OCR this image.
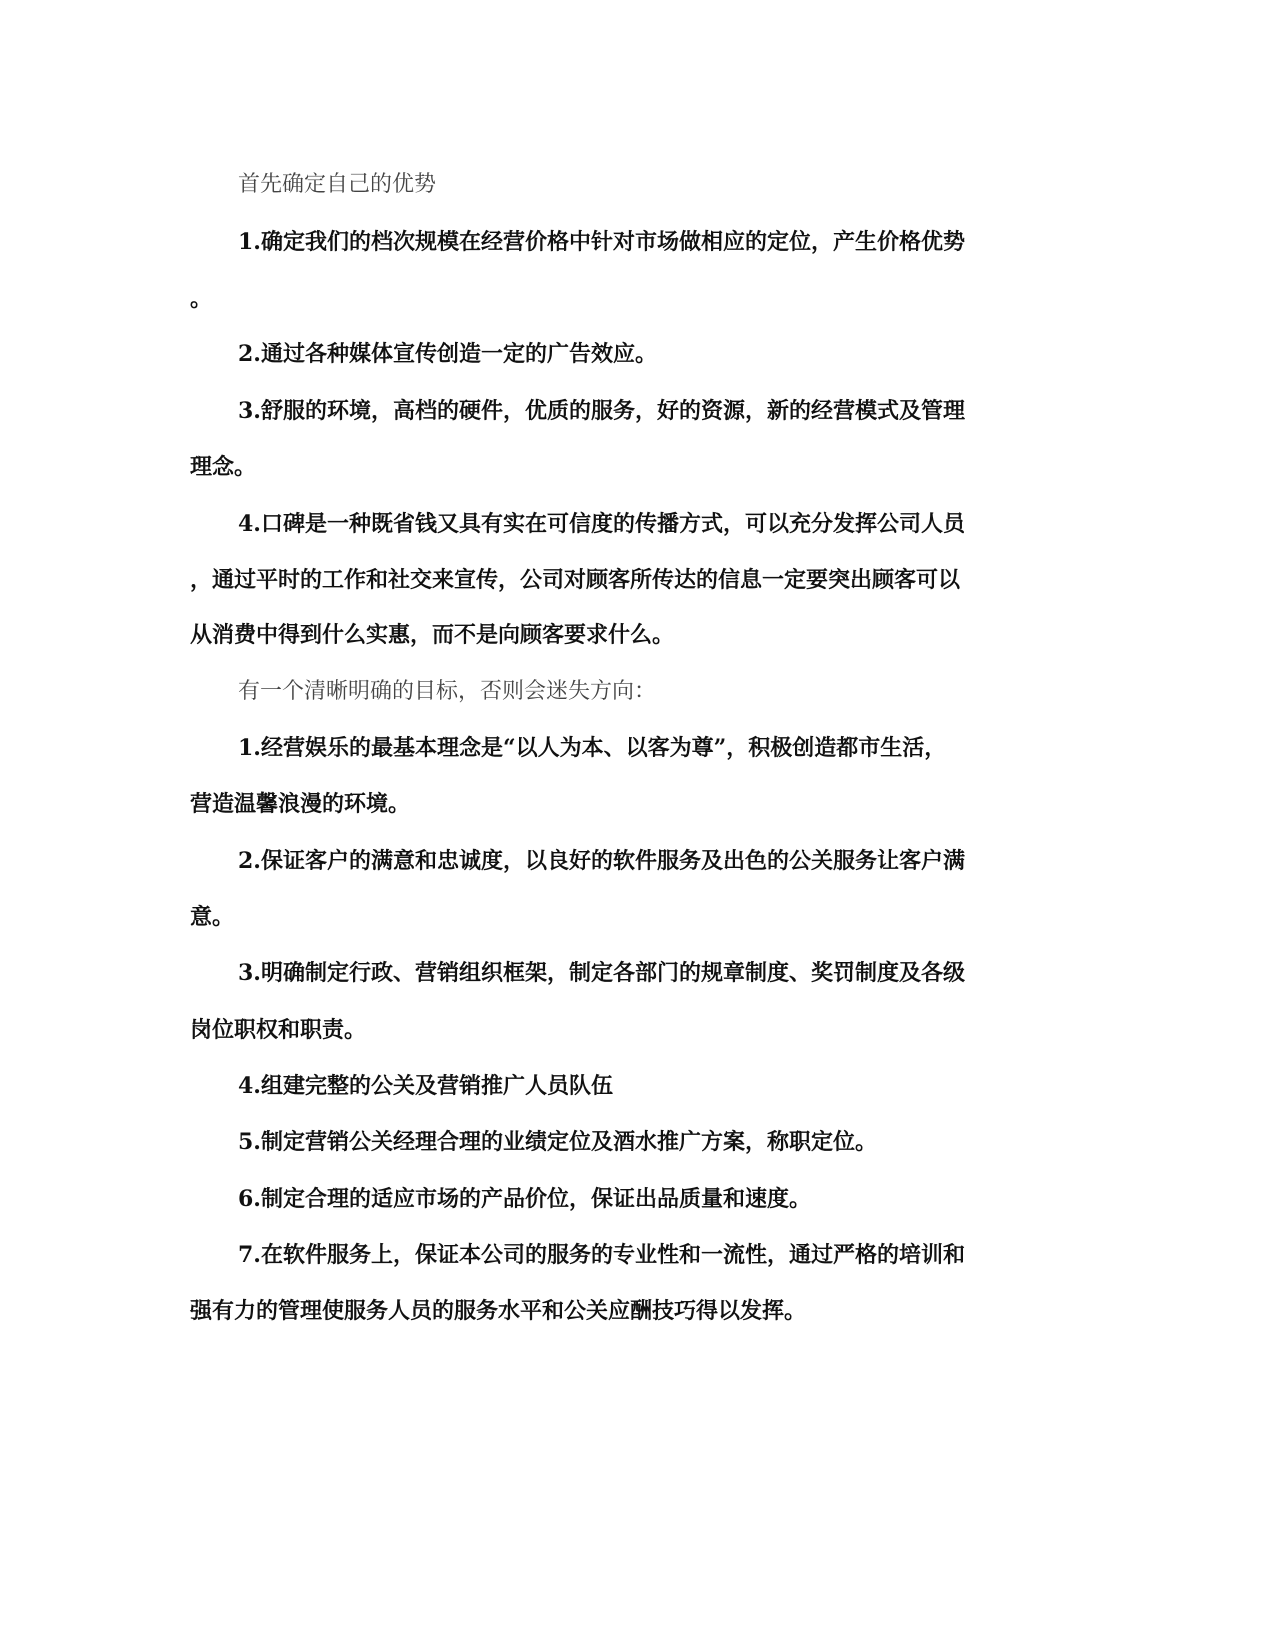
首先确定自己的优势
1.确定我们的档次规模在经营价格中针对市场做相应的定位，产生价格优势
。
2.通过各种媒体宣传创造一定的广告效应。
3.舒服的环境，高档的硬件，优质的服务，好的资源，新的经营模式及管理
理念。
4.口碑是一种既省钱又具有实在可信度的传播方式，可以充分发挥公司人员
，通过平时的工作和社交来宣传，公司对顾客所传达的信息一定要突出顾客可以
从消费中得到什么实惠，而不是向顾客要求什么。
有一个清晰明确的目标，否则会迷失方向：
1.经营娱乐的最基本理念是“以人为本、以客为尊”，积极创造都市生活，
营造温馨浪漫的环境。
2.保证客户的满意和忠诚度，以良好的软件服务及出色的公关服务让客户满
意。
3.明确制定行政、营销组织框架，制定各部门的规章制度、奖罚制度及各级
岗位职权和职责。
4.组建完整的公关及营销推广人员队伍
5.制定营销公关经理合理的业绩定位及酒水推广方案，称职定位。
6.制定合理的适应市场的产品价位，保证出品质量和速度。
7.在软件服务上，保证本公司的服务的专业性和一流性，通过严格的培训和
强有力的管理使服务人员的服务水平和公关应酬技巧得以发挥。
